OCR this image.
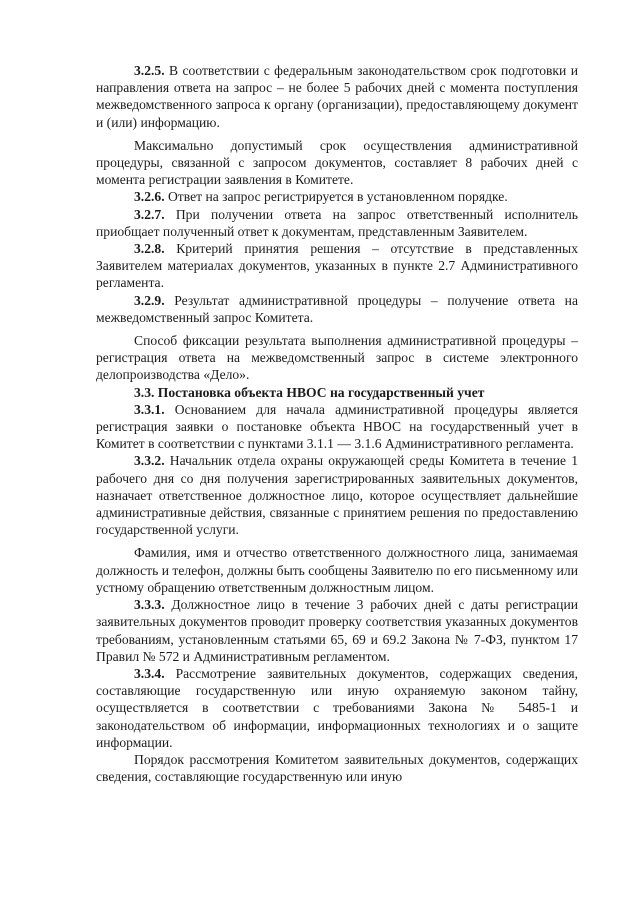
3.2.5. В соответствии с федеральным законодательством срок подготовки и направления ответа на запрос – не более 5 рабочих дней с момента поступления межведомственного запроса к органу (организации), предоставляющему документ и (или) информацию.

Максимально допустимый срок осуществления административной процедуры, связанной с запросом документов, составляет 8 рабочих дней с момента регистрации заявления в Комитете.

3.2.6. Ответ на запрос регистрируется в установленном порядке.

3.2.7. При получении ответа на запрос ответственный исполнитель приобщает полученный ответ к документам, представленным Заявителем.

3.2.8. Критерий принятия решения – отсутствие в представленных Заявителем материалах документов, указанных в пункте 2.7 Административного регламента.

3.2.9. Результат административной процедуры – получение ответа на межведомственный запрос Комитета.

Способ фиксации результата выполнения административной процедуры – регистрация ответа на межведомственный запрос в системе электронного делопроизводства «Дело».

3.3. Постановка объекта НВОС на государственный учет

3.3.1. Основанием для начала административной процедуры является регистрация заявки о постановке объекта НВОС на государственный учет в Комитет в соответствии с пунктами 3.1.1 — 3.1.6 Административного регламента.

3.3.2. Начальник отдела охраны окружающей среды Комитета в течение 1 рабочего дня со дня получения зарегистрированных заявительных документов, назначает ответственное должностное лицо, которое осуществляет дальнейшие административные действия, связанные с принятием решения по предоставлению государственной услуги.

Фамилия, имя и отчество ответственного должностного лица, занимаемая должность и телефон, должны быть сообщены Заявителю по его письменному или устному обращению ответственным должностным лицом.

3.3.3. Должностное лицо в течение 3 рабочих дней с даты регистрации заявительных документов проводит проверку соответствия указанных документов требованиям, установленным статьями 65, 69 и 69.2 Закона № 7-ФЗ, пунктом 17 Правил № 572 и Административным регламентом.

3.3.4. Рассмотрение заявительных документов, содержащих сведения, составляющие государственную или иную охраняемую законом тайну, осуществляется в соответствии с требованиями Закона № 5485-1 и законодательством об информации, информационных технологиях и о защите информации.

Порядок рассмотрения Комитетом заявительных документов, содержащих сведения, составляющие государственную или иную
